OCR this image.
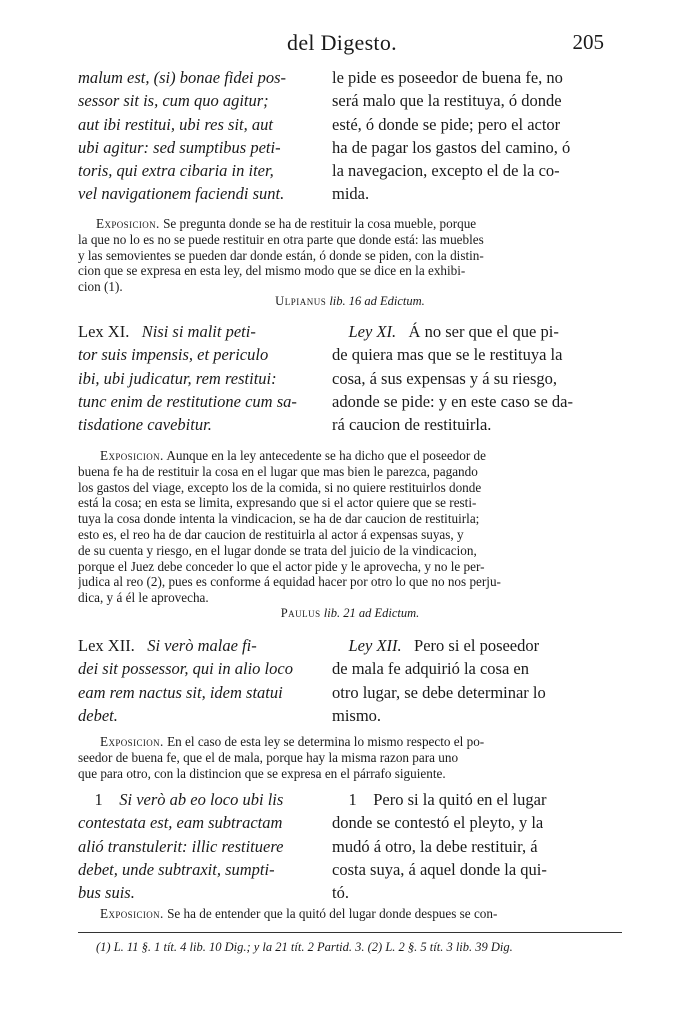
del Digesto.	205
malum est, (si) bonae fidei pos-
sessor sit is, cum quo agitur;
aut ibi restitui, ubi res sit, aut
ubi agitur: sed sumptibus peti-
toris, qui extra cibaria in iter,
vel navigationem faciendi sunt.
le pide es poseedor de buena fe, no
será malo que la restituya, ó donde
esté, ó donde se pide; pero el actor
ha de pagar los gastos del camino, ó
la navegacion, excepto el de la co-
mida.
Exposicion. Se pregunta donde se ha de restituir la cosa mueble, porque
la que no lo es no se puede restituir en otra parte que donde está: las muebles
y las semovientes se pueden dar donde están, ó donde se piden, con la distin-
cion que se expresa en esta ley, del mismo modo que se dice en la exhibi-
cion (1).
Ulpianus lib. 16 ad Edictum.
Lex XI. Nisi si malit peti-
tor suis impensis, et periculo
ibi, ubi judicatur, rem restitui:
tunc enim de restitutione cum sa-
tisdatione cavebitur.
Ley XI. Á no ser que el que pi-
de quiera mas que se le restituya la
cosa, á sus expensas y á su riesgo,
adonde se pide: y en este caso se da-
rá caucion de restituirla.
Exposicion. Aunque en la ley antecedente se ha dicho que el poseedor de
buena fe ha de restituir la cosa en el lugar que mas bien le parezca, pagando
los gastos del viage, excepto los de la comida, si no quiere restituirlos donde
está la cosa; en esta se limita, expresando que si el actor quiere que se resti-
tuya la cosa donde intenta la vindicacion, se ha de dar caucion de restituirla;
esto es, el reo ha de dar caucion de restituirla al actor á expensas suyas, y
de su cuenta y riesgo, en el lugar donde se trata del juicio de la vindicacion,
porque el Juez debe conceder lo que el actor pide y le aprovecha, y no le per-
judica al reo (2), pues es conforme á equidad hacer por otro lo que no nos perju-
dica, y á él le aprovecha.
Paulus lib. 21 ad Edictum.
Lex XII. Si verò malae fi-
dei sit possessor, qui in alio loco
eam rem nactus sit, idem statui
debet.
Ley XII. Pero si el poseedor
de mala fe adquirió la cosa en
otro lugar, se debe determinar lo
mismo.
Exposicion. En el caso de esta ley se determina lo mismo respecto el po-
seedor de buena fe, que el de mala, porque hay la misma razon para uno
que para otro, con la distincion que se expresa en el párrafo siguiente.
1 Si verò ab eo loco ubi lis
contestata est, eam subtractam
alió transtulerit: illic restituere
debet, unde subtraxit, sumpti-
bus suis.
1 Pero si la quitó en el lugar
donde se contestó el pleyto, y la
mudó á otro, la debe restituir, á
costa suya, á aquel donde la qui-
tó.
Exposicion. Se ha de entender que la quitó del lugar donde despues se con-
(1) L. 11 §. 1 tít. 4 lib. 10 Dig.; y la 21 tít. 2 Partid. 3. (2) L. 2 §. 5 tít. 3 lib. 39 Dig.
